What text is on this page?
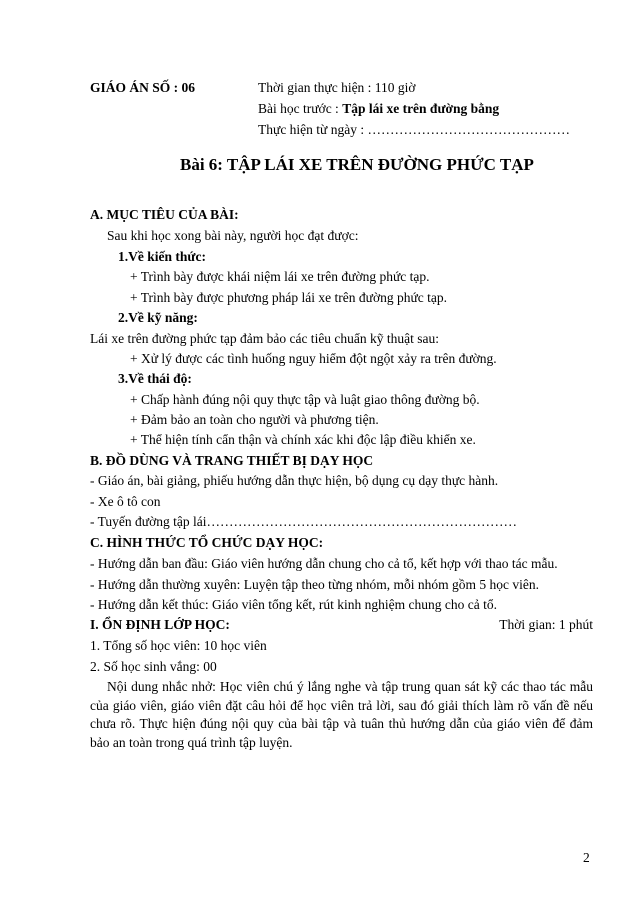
GIÁO ÁN SỐ : 06	Thời gian thực hiện : 110 giờ
Bài học trước : Tập lái xe trên đường bằng
Thực hiện từ ngày : ………………………………………
Bài 6: TẬP LÁI XE TRÊN ĐƯỜNG PHỨC TẠP
A. MỤC TIÊU CỦA BÀI:
Sau khi học xong bài này, người học đạt được:
1.Về kiến thức:
+ Trình bày được khái niệm lái xe trên đường phức tạp.
+ Trình bày được phương pháp lái xe trên đường phức tạp.
2.Về kỹ năng:
Lái xe trên đường phức tạp đảm bảo các tiêu chuẩn kỹ thuật sau:
+ Xử lý được các tình huống nguy hiểm đột ngột xảy ra trên đường.
3.Về thái độ:
+ Chấp hành đúng nội quy thực tập và luật giao thông đường bộ.
+ Đảm bảo an toàn cho người và phương tiện.
+ Thể hiện tính cẩn thận và chính xác khi độc lập điều khiển xe.
B. ĐỒ DÙNG VÀ TRANG THIẾT BỊ DẠY HỌC
- Giáo án, bài giảng, phiếu hướng dẫn thực hiện, bộ dụng cụ dạy thực hành.
- Xe ô tô con
- Tuyến đường tập lái……………………………………………………………
C. HÌNH THỨC TỔ CHỨC DẠY HỌC:
- Hướng dẫn ban đầu: Giáo viên hướng dẫn chung cho cả tổ, kết hợp với thao tác mẫu.
- Hướng dẫn thường xuyên: Luyện tập theo từng nhóm, mỗi nhóm gồm 5 học viên.
- Hướng dẫn kết thúc: Giáo viên tổng kết, rút kinh nghiệm chung cho cả tổ.
I. ỔN ĐỊNH LỚP HỌC:	Thời gian: 1 phút
1. Tổng số học viên: 10 học viên
2. Số học sinh vắng: 00
Nội dung nhắc nhở: Học viên chú ý lắng nghe và tập trung quan sát kỹ các thao tác mẫu của giáo viên, giáo viên đặt câu hỏi để học viên trả lời, sau đó giải thích làm rõ vấn đề nếu chưa rõ. Thực hiện đúng nội quy của bài tập và tuân thủ hướng dẫn của giáo viên để đảm bảo an toàn trong quá trình tập luyện.
2
